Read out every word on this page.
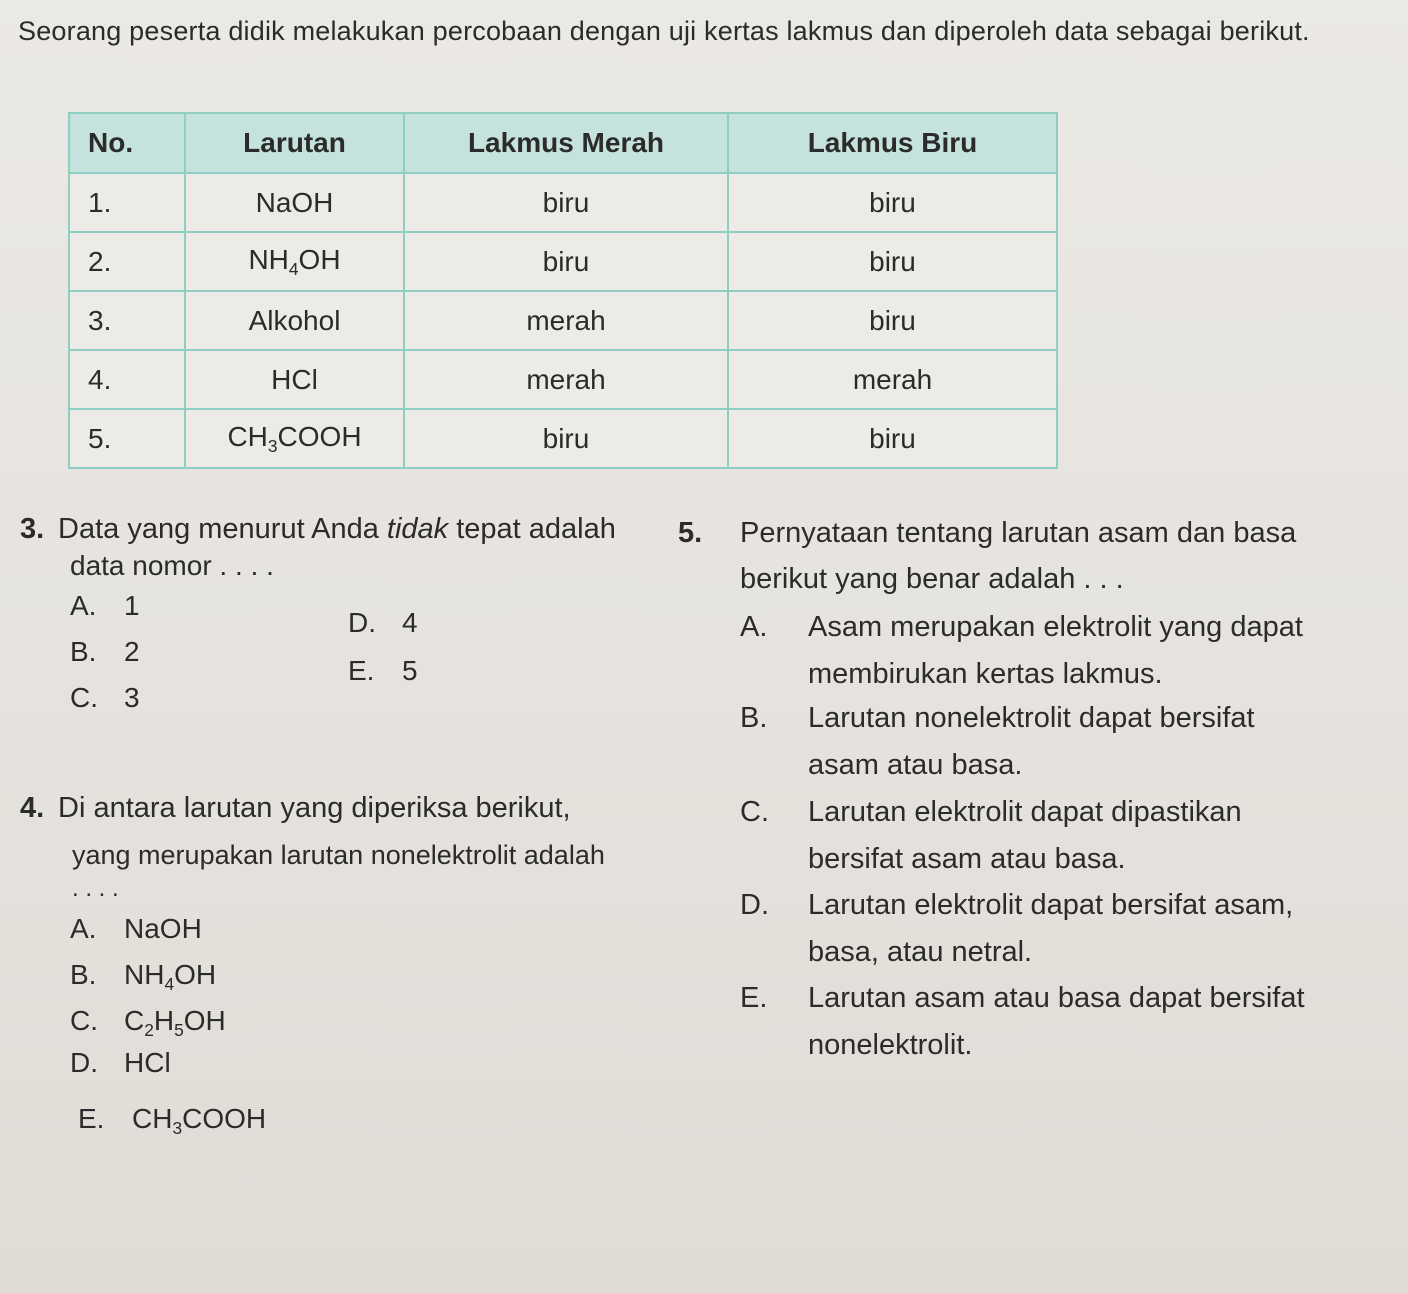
Seorang peserta didik melakukan percobaan dengan uji kertas lakmus dan diperoleh data sebagai berikut.
No.	Larutan	Lakmus Merah	Lakmus Biru
1.	NaOH	biru	biru
2.	$NH_4OH$	biru	biru
3.	Alkohol	merah	biru
4.	HCl	merah	merah
5.	$CH_3COOH$	biru	biru
3. Data yang menurut Anda tidak tepat adalah
data nomor . . . .
A. 1
B. 2
C. 3
D. 4
E. 5
4. Di antara larutan yang diperiksa berikut,
yang merupakan larutan nonelektrolit adalah
. . . .
A. NaOH
B. $NH_4OH$
C. $C_2H_5OH$
D. HCl
E. $CH_3COOH$
5. Pernyataan tentang larutan asam dan basa
berikut yang benar adalah . . .
A. Asam merupakan elektrolit yang dapat
membirukan kertas lakmus.
B. Larutan nonelektrolit dapat bersifat
asam atau basa.
C. Larutan elektrolit dapat dipastikan
bersifat asam atau basa.
D. Larutan elektrolit dapat bersifat asam,
basa, atau netral.
E. Larutan asam atau basa dapat bersifat
nonelektrolit.
